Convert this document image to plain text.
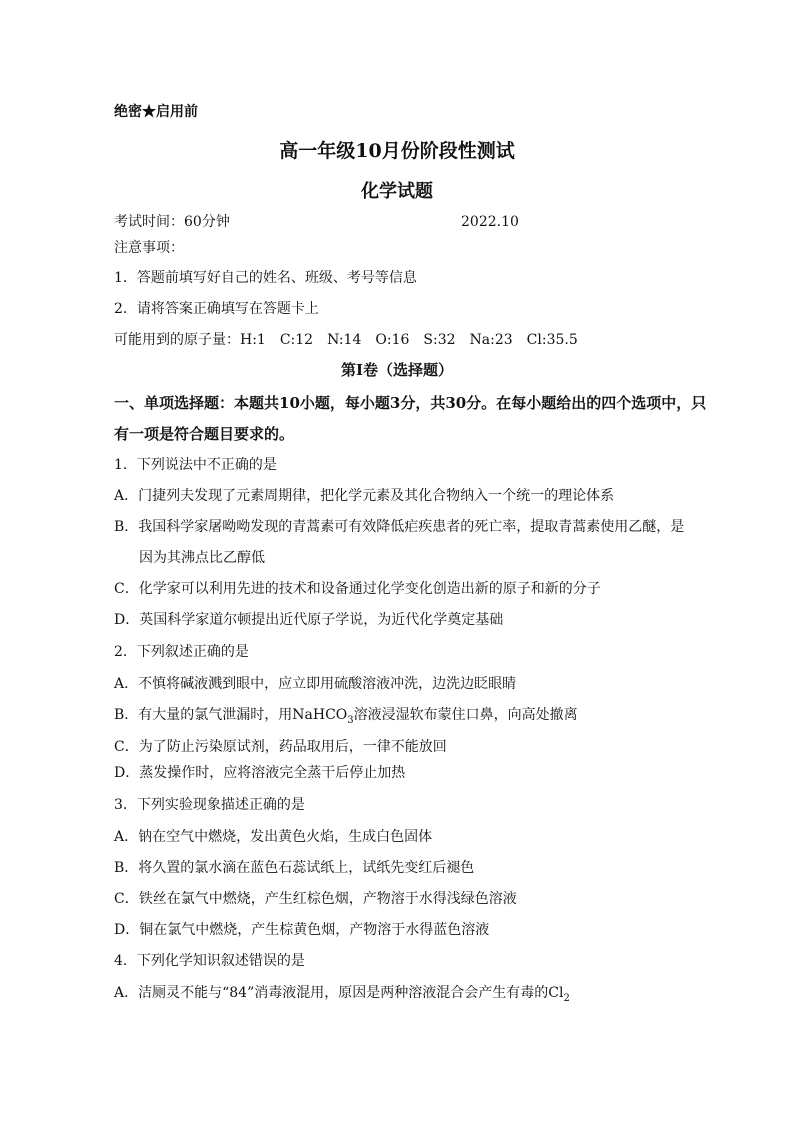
绝密★启用前
高一年级10月份阶段性测试
化学试题
考试时间：60分钟	2022.10
注意事项：
1．答题前填写好自己的姓名、班级、考号等信息
2．请将答案正确填写在答题卡上
可能用到的原子量：H:1 C:12 N:14 O:16 S:32 Na:23 Cl:35.5
第I卷（选择题）
一、单项选择题：本题共10小题，每小题3分，共30分。在每小题给出的四个选项中，只
有一项是符合题目要求的。
1．下列说法中不正确的是
A．门捷列夫发现了元素周期律，把化学元素及其化合物纳入一个统一的理论体系
B．我国科学家屠呦呦发现的青蒿素可有效降低疟疾患者的死亡率，提取青蒿素使用乙醚，是
因为其沸点比乙醇低
C．化学家可以利用先进的技术和设备通过化学变化创造出新的原子和新的分子
D．英国科学家道尔顿提出近代原子学说，为近代化学奠定基础
2．下列叙述正确的是
A．不慎将碱液溅到眼中，应立即用硫酸溶液冲洗，边洗边眨眼睛
B．有大量的氯气泄漏时，用NaHCO$_3$溶液浸湿软布蒙住口鼻，向高处撤离
C．为了防止污染原试剂，药品取用后，一律不能放回
D．蒸发操作时，应将溶液完全蒸干后停止加热
3．下列实验现象描述正确的是
A．钠在空气中燃烧，发出黄色火焰，生成白色固体
B．将久置的氯水滴在蓝色石蕊试纸上，试纸先变红后褪色
C．铁丝在氯气中燃烧，产生红棕色烟，产物溶于水得浅绿色溶液
D．铜在氯气中燃烧，产生棕黄色烟，产物溶于水得蓝色溶液
4．下列化学知识叙述错误的是
A．洁厕灵不能与“84”消毒液混用，原因是两种溶液混合会产生有毒的$Cl_2$
